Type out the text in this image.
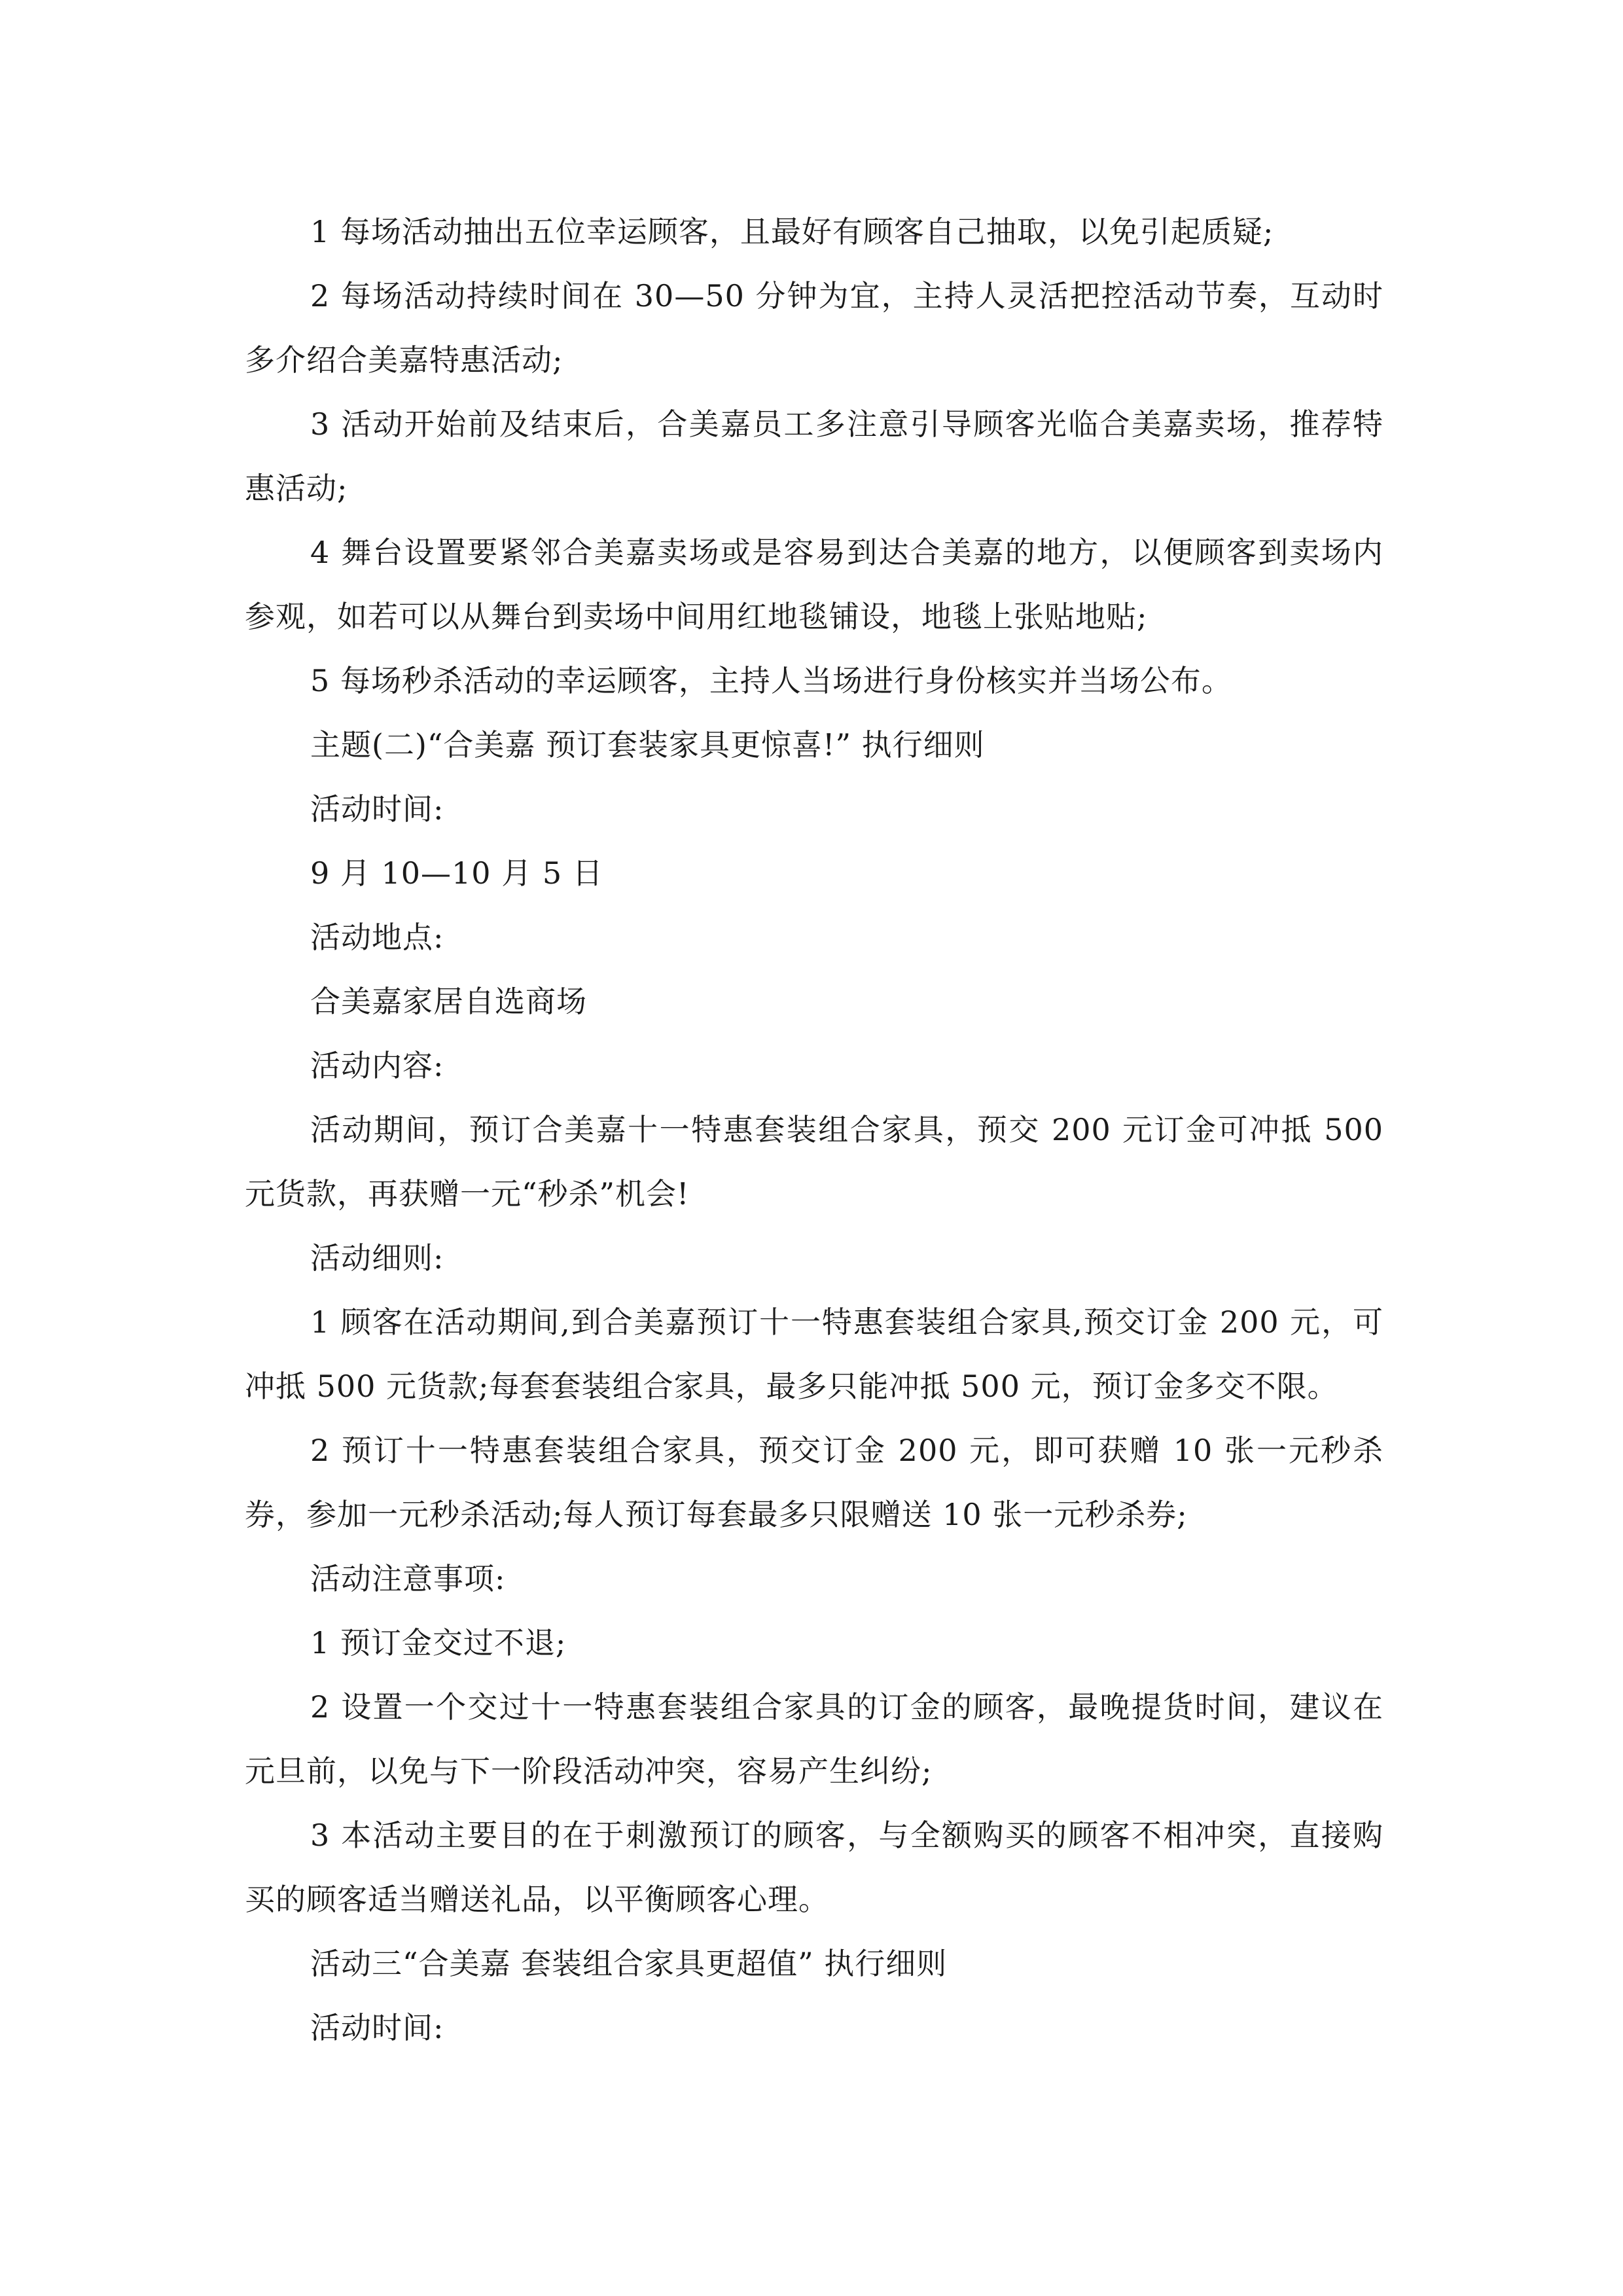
1 每场活动抽出五位幸运顾客，且最好有顾客自己抽取，以免引起质疑;

2 每场活动持续时间在 30—50 分钟为宜，主持人灵活把控活动节奏，互动时多介绍合美嘉特惠活动;

3 活动开始前及结束后，合美嘉员工多注意引导顾客光临合美嘉卖场，推荐特惠活动;

4 舞台设置要紧邻合美嘉卖场或是容易到达合美嘉的地方，以便顾客到卖场内参观，如若可以从舞台到卖场中间用红地毯铺设，地毯上张贴地贴;

5 每场秒杀活动的幸运顾客，主持人当场进行身份核实并当场公布。

主题(二)“合美嘉 预订套装家具更惊喜!” 执行细则

活动时间:

9 月 10—10 月 5 日

活动地点:

合美嘉家居自选商场

活动内容:

活动期间，预订合美嘉十一特惠套装组合家具，预交 200 元订金可冲抵 500 元货款，再获赠一元“秒杀”机会!

活动细则:

1 顾客在活动期间,到合美嘉预订十一特惠套装组合家具,预交订金 200 元，可冲抵 500 元货款;每套套装组合家具，最多只能冲抵 500 元，预订金多交不限。

2 预订十一特惠套装组合家具，预交订金 200 元，即可获赠 10 张一元秒杀券，参加一元秒杀活动;每人预订每套最多只限赠送 10 张一元秒杀券;

活动注意事项:

1 预订金交过不退;

2 设置一个交过十一特惠套装组合家具的订金的顾客，最晚提货时间，建议在元旦前，以免与下一阶段活动冲突，容易产生纠纷;

3 本活动主要目的在于刺激预订的顾客，与全额购买的顾客不相冲突，直接购买的顾客适当赠送礼品，以平衡顾客心理。

活动三“合美嘉 套装组合家具更超值” 执行细则

活动时间:
